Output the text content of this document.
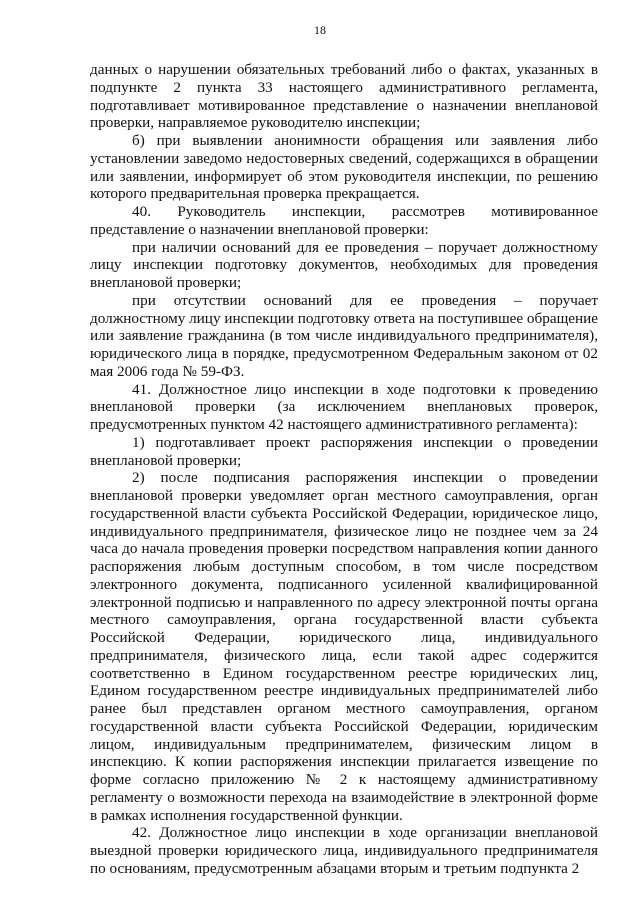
18

данных о нарушении обязательных требований либо о фактах, указанных в подпункте 2 пункта 33 настоящего административного регламента, подготавливает мотивированное представление о назначении внеплановой проверки, направляемое руководителю инспекции;

б) при выявлении анонимности обращения или заявления либо установлении заведомо недостоверных сведений, содержащихся в обращении или заявлении, информирует об этом руководителя инспекции, по решению которого предварительная проверка прекращается.

40. Руководитель инспекции, рассмотрев мотивированное представление о назначении внеплановой проверки:

при наличии оснований для ее проведения – поручает должностному лицу инспекции подготовку документов, необходимых для проведения внеплановой проверки;

при отсутствии оснований для ее проведения – поручает должностному лицу инспекции подготовку ответа на поступившее обращение или заявление гражданина (в том числе индивидуального предпринимателя), юридического лица в порядке, предусмотренном Федеральным законом от 02 мая 2006 года № 59-ФЗ.

41. Должностное лицо инспекции в ходе подготовки к проведению внеплановой проверки (за исключением внеплановых проверок, предусмотренных пунктом 42 настоящего административного регламента):

1) подготавливает проект распоряжения инспекции о проведении внеплановой проверки;

2) после подписания распоряжения инспекции о проведении внеплановой проверки уведомляет орган местного самоуправления, орган государственной власти субъекта Российской Федерации, юридическое лицо, индивидуального предпринимателя, физическое лицо не позднее чем за 24 часа до начала проведения проверки посредством направления копии данного распоряжения любым доступным способом, в том числе посредством электронного документа, подписанного усиленной квалифицированной электронной подписью и направленного по адресу электронной почты органа местного самоуправления, органа государственной власти субъекта Российской Федерации, юридического лица, индивидуального предпринимателя, физического лица, если такой адрес содержится соответственно в Едином государственном реестре юридических лиц, Едином государственном реестре индивидуальных предпринимателей либо ранее был представлен органом местного самоуправления, органом государственной власти субъекта Российской Федерации, юридическим лицом, индивидуальным предпринимателем, физическим лицом в инспекцию. К копии распоряжения инспекции прилагается извещение по форме согласно приложению № 2 к настоящему административному регламенту о возможности перехода на взаимодействие в электронной форме в рамках исполнения государственной функции.

42. Должностное лицо инспекции в ходе организации внеплановой выездной проверки юридического лица, индивидуального предпринимателя по основаниям, предусмотренным абзацами вторым и третьим подпункта 2
